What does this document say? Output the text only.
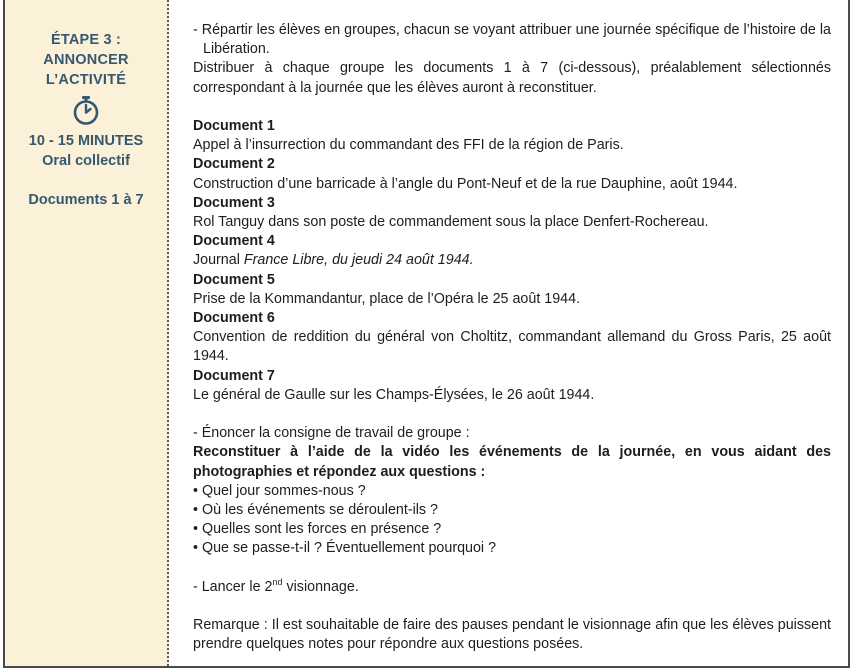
ÉTAPE 3 :
ANNONCER
L’ACTIVITÉ
10 - 15 MINUTES
Oral collectif
Documents 1 à 7

- Répartir les élèves en groupes, chacun se voyant attribuer une journée spécifique de l’histoire de la Libération.

Distribuer à chaque groupe les documents 1 à 7 (ci-dessous), préalablement sélectionnés correspondant à la journée que les élèves auront à reconstituer.

Document 1

Appel à l’insurrection du commandant des FFI de la région de Paris.

Document 2

Construction d’une barricade à l’angle du Pont-Neuf et de la rue Dauphine, août 1944.

Document 3

Rol Tanguy dans son poste de commandement sous la place Denfert-Rochereau.

Document 4

Journal France Libre, du jeudi 24 août 1944.

Document 5

Prise de la Kommandantur, place de l’Opéra le 25 août 1944.

Document 6

Convention de reddition du général von Choltitz, commandant allemand du Gross Paris, 25 août 1944.

Document 7

Le général de Gaulle sur les Champs-Élysées, le 26 août 1944.

- Énoncer la consigne de travail de groupe :

Reconstituer à l’aide de la vidéo les événements de la journée, en vous aidant des photographies et répondez aux questions :

• Quel jour sommes-nous ?

• Où les événements se déroulent-ils ?

• Quelles sont les forces en présence ?

• Que se passe-t-il ? Éventuellement pourquoi ?

- Lancer le 2nd visionnage.

Remarque : Il est souhaitable de faire des pauses pendant le visionnage afin que les élèves puissent prendre quelques notes pour répondre aux questions posées.
